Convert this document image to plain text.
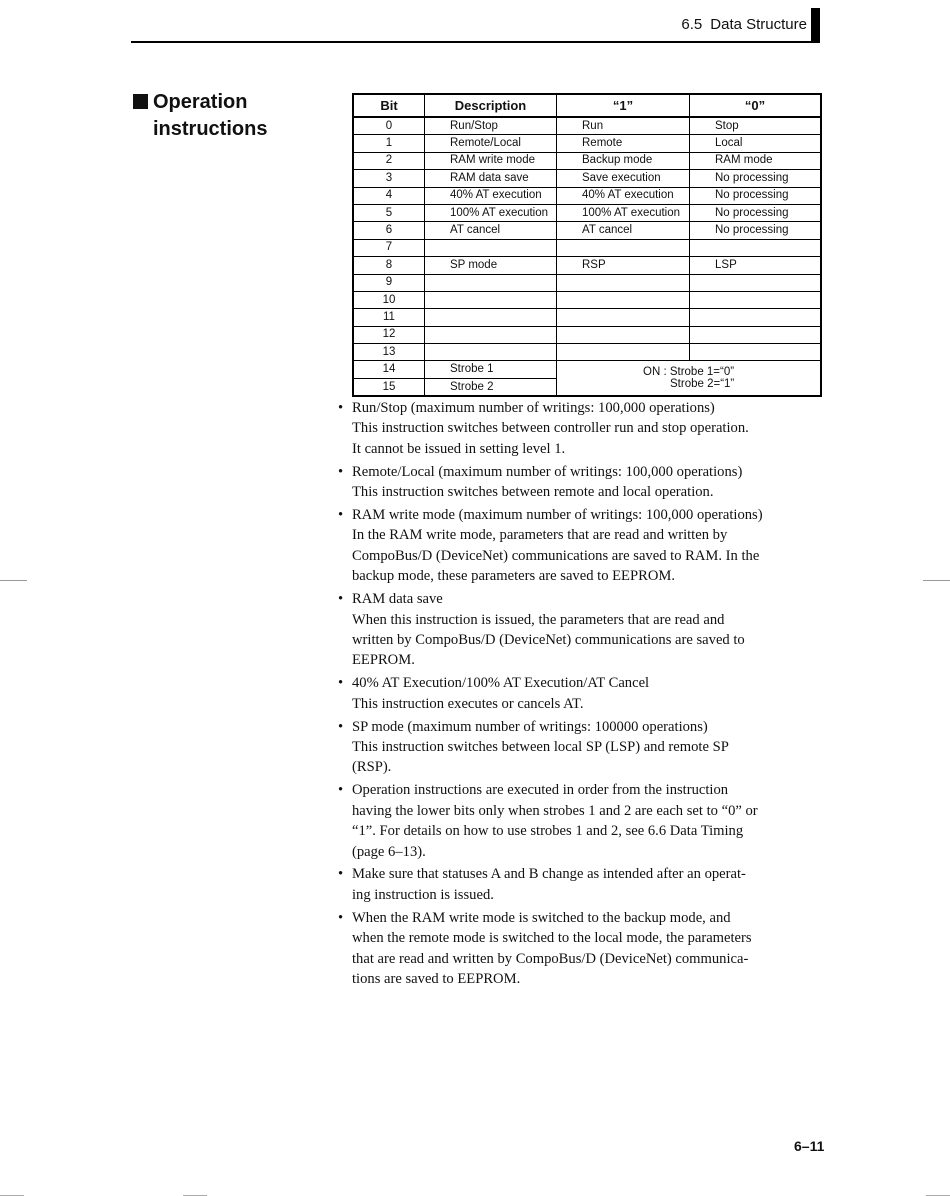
6.5 Data Structure
Operation
instructions
Bit	Description	“1”	“0”
0	Run/Stop	Run	Stop
1	Remote/Local	Remote	Local
2	RAM write mode	Backup mode	RAM mode
3	RAM data save	Save execution	No processing
4	40% AT execution	40% AT execution	No processing
5	100% AT execution	100% AT execution	No processing
6	AT cancel	AT cancel	No processing
7			
8	SP mode	RSP	LSP
9			
10			
11			
12			
13			
14	Strobe 1	ON : Strobe 1=“0”
Strobe 2=“1”	

15	Strobe 2		
• Run/Stop (maximum number of writings: 100,000 operations)
This instruction switches between controller run and stop operation.
It cannot be issued in setting level 1.
• Remote/Local (maximum number of writings: 100,000 operations)
This instruction switches between remote and local operation.
• RAM write mode (maximum number of writings: 100,000 operations)
In the RAM write mode, parameters that are read and written by
CompoBus/D (DeviceNet) communications are saved to RAM. In the
backup mode, these parameters are saved to EEPROM.
• RAM data save
When this instruction is issued, the parameters that are read and
written by CompoBus/D (DeviceNet) communications are saved to
EEPROM.
• 40% AT Execution/100% AT Execution/AT Cancel
This instruction executes or cancels AT.
• SP mode (maximum number of writings: 100000 operations)
This instruction switches between local SP (LSP) and remote SP
(RSP).
• Operation instructions are executed in order from the instruction
having the lower bits only when strobes 1 and 2 are each set to “0” or
“1”. For details on how to use strobes 1 and 2, see 6.6 Data Timing
(page 6–13).
• Make sure that statuses A and B change as intended after an operat-
ing instruction is issued.
• When the RAM write mode is switched to the backup mode, and
when the remote mode is switched to the local mode, the parameters
that are read and written by CompoBus/D (DeviceNet) communica-
tions are saved to EEPROM.
6–11
